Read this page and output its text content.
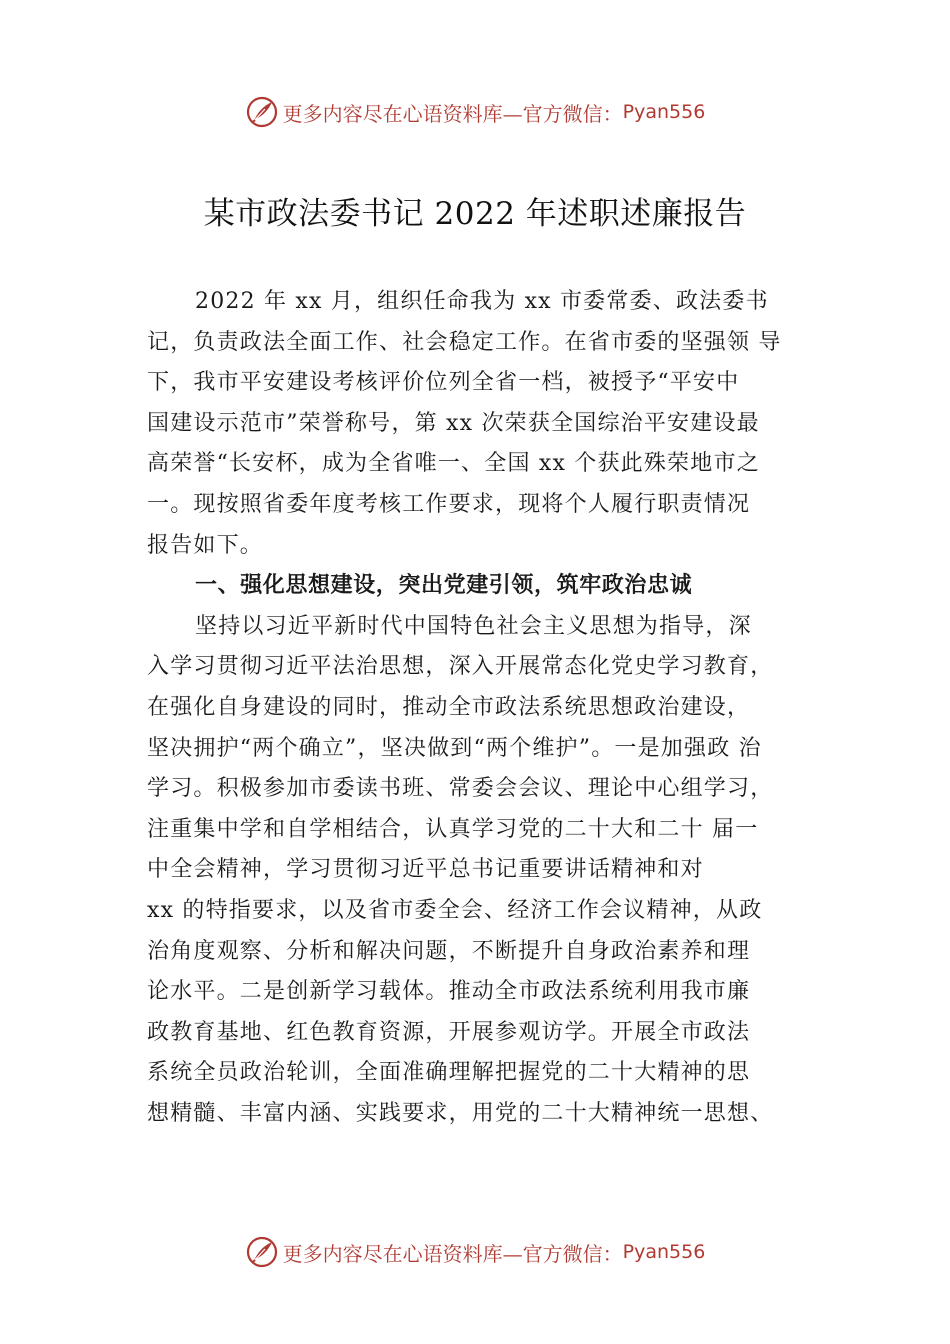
更多内容尽在心语资料库—官方微信： Pyan556
某市政法委书记 2022 年述职述廉报告
2022 年 xx 月，组织任命我为 xx 市委常委、政法委书
记，负责政法全面工作、社会稳定工作。在省市委的坚强领 导
下，我市平安建设考核评价位列全省一档，被授予“平安中
国建设示范市”荣誉称号，第 xx 次荣获全国综治平安建设最
高荣誉“长安杯，成为全省唯一、全国 xx 个获此殊荣地市之
一。现按照省委年度考核工作要求，现将个人履行职责情况
报告如下。
一、强化思想建设，突出党建引领，筑牢政治忠诚
坚持以习近平新时代中国特色社会主义思想为指导，深
入学习贯彻习近平法治思想，深入开展常态化党史学习教育，
在强化自身建设的同时，推动全市政法系统思想政治建设，
坚决拥护“两个确立”，坚决做到“两个维护”。一是加强政 治
学习。积极参加市委读书班、常委会会议、理论中心组学习，
注重集中学和自学相结合，认真学习党的二十大和二十 届一
中全会精神，学习贯彻习近平总书记重要讲话精神和对
xx 的特指要求，以及省市委全会、经济工作会议精神，从政
治角度观察、分析和解决问题，不断提升自身政治素养和理
论水平。二是创新学习载体。推动全市政法系统利用我市廉
政教育基地、红色教育资源，开展参观访学。开展全市政法
系统全员政治轮训，全面准确理解把握党的二十大精神的思
想精髓、丰富内涵、实践要求，用党的二十大精神统一思想、
更多内容尽在心语资料库—官方微信： Pyan556
